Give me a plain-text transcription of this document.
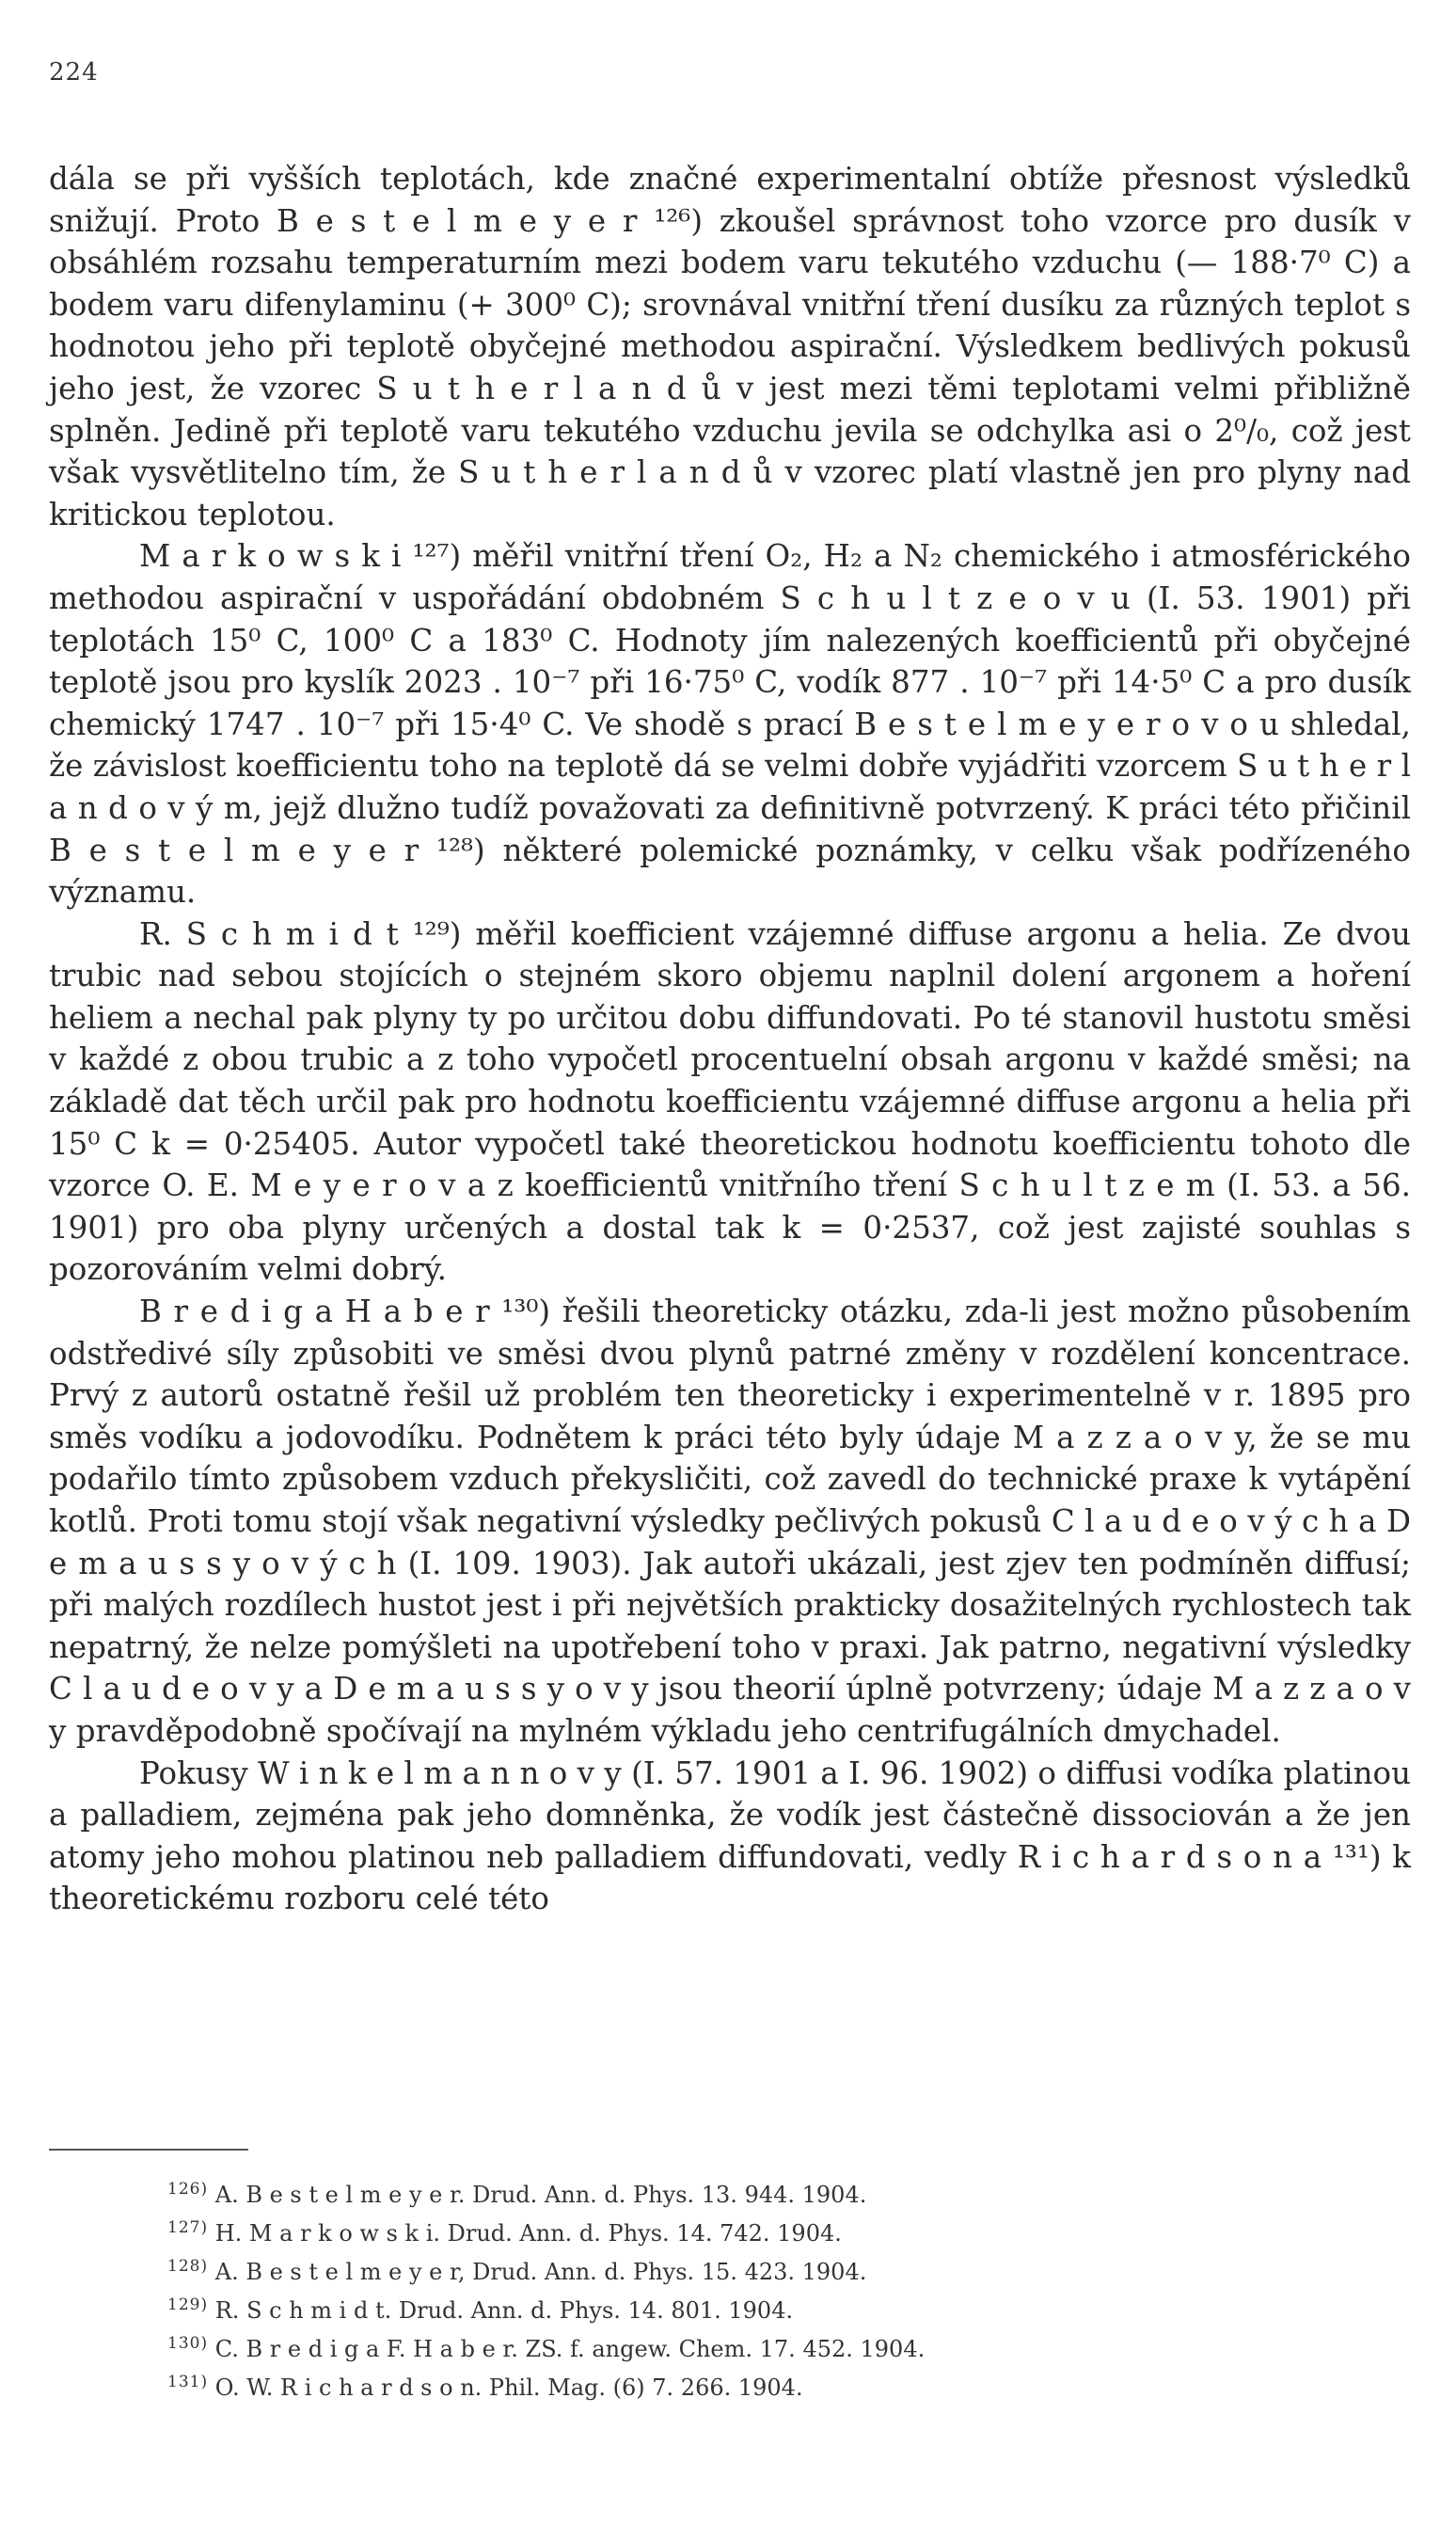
224

dála se při vyšších teplotách, kde značné experimentalní obtíže přesnost výsledků snižují. Proto B e s t e l m e y e r ¹²⁶) zkoušel správnost toho vzorce pro dusík v obsáhlém rozsahu temperaturním mezi bodem varu tekutého vzduchu (— 188·7⁰ C) a bodem varu difenylaminu (+ 300⁰ C); srovnával vnitřní tření dusíku za různých teplot s hodnotou jeho při teplotě obyčejné methodou aspirační. Výsledkem bedlivých pokusů jeho jest, že vzorec S u t h e r l a n d ů v jest mezi těmi teplotami velmi přibližně splněn. Jedině při teplotě varu tekutého vzduchu jevila se odchylka asi o 2⁰/₀, což jest však vysvětlitelno tím, že S u t h e r l a n d ů v vzorec platí vlastně jen pro plyny nad kritickou teplotou.

M a r k o w s k i ¹²⁷) měřil vnitřní tření O₂, H₂ a N₂ chemického i atmosférického methodou aspirační v uspořádání obdobném S c h u l t z e o v u (I. 53. 1901) při teplotách 15⁰ C, 100⁰ C a 183⁰ C. Hodnoty jím nalezených koefficientů při obyčejné teplotě jsou pro kyslík 2023 . 10⁻⁷ při 16·75⁰ C, vodík 877 . 10⁻⁷ při 14·5⁰ C a pro dusík chemický 1747 . 10⁻⁷ při 15·4⁰ C. Ve shodě s prací B e s t e l m e y e r o v o u shledal, že závislost koefficientu toho na teplotě dá se velmi dobře vyjádřiti vzorcem S u t h e r l a n d o v ý m, jejž dlužno tudíž považovati za definitivně potvrzený. K práci této přičinil B e s t e l m e y e r ¹²⁸) některé polemické poznámky, v celku však podřízeného významu.

R. S c h m i d t ¹²⁹) měřil koefficient vzájemné diffuse argonu a helia. Ze dvou trubic nad sebou stojících o stejném skoro objemu naplnil dolení argonem a hoření heliem a nechal pak plyny ty po určitou dobu diffundovati. Po té stanovil hustotu směsi v každé z obou trubic a z toho vypočetl procentuelní obsah argonu v každé směsi; na základě dat těch určil pak pro hodnotu koefficientu vzájemné diffuse argonu a helia při 15⁰ C k = 0·25405. Autor vypočetl také theoretickou hodnotu koefficientu tohoto dle vzorce O. E. M e y e r o v a z koefficientů vnitřního tření S c h u l t z e m (I. 53. a 56. 1901) pro oba plyny určených a dostal tak k = 0·2537, což jest zajisté souhlas s pozorováním velmi dobrý.

B r e d i g a H a b e r ¹³⁰) řešili theoreticky otázku, zda-li jest možno působením odstředivé síly způsobiti ve směsi dvou plynů patrné změny v rozdělení koncentrace. Prvý z autorů ostatně řešil už problém ten theoreticky i experimentelně v r. 1895 pro směs vodíku a jodovodíku. Podnětem k práci této byly údaje M a z z a o v y, že se mu podařilo tímto způsobem vzduch překysličiti, což zavedl do technické praxe k vytápění kotlů. Proti tomu stojí však negativní výsledky pečlivých pokusů C l a u d e o v ý c h a D e m a u s s y o v ý c h (I. 109. 1903). Jak autoři ukázali, jest zjev ten podmíněn diffusí; při malých rozdílech hustot jest i při největších prakticky dosažitelných rychlostech tak nepatrný, že nelze pomýšleti na upotřebení toho v praxi. Jak patrno, negativní výsledky C l a u d e o v y a D e m a u s s y o v y jsou theorií úplně potvrzeny; údaje M a z z a o v y pravděpodobně spočívají na mylném výkladu jeho centrifugálních dmychadel.

Pokusy W i n k e l m a n n o v y (I. 57. 1901 a I. 96. 1902) o diffusi vodíka platinou a palladiem, zejména pak jeho domněnka, že vodík jest částečně dissociován a že jen atomy jeho mohou platinou neb palladiem diffundovati, vedly R i c h a r d s o n a ¹³¹) k theoretickému rozboru celé této

$^{126)}$ A. B e s t e l m e y e r. Drud. Ann. d. Phys. 13. 944. 1904.
$^{127)}$ H. M a r k o w s k i. Drud. Ann. d. Phys. 14. 742. 1904.
$^{128)}$ A. B e s t e l m e y e r, Drud. Ann. d. Phys. 15. 423. 1904.
$^{129)}$ R. S c h m i d t. Drud. Ann. d. Phys. 14. 801. 1904.
$^{130)}$ C. B r e d i g a F. H a b e r. ZS. f. angew. Chem. 17. 452. 1904.
$^{131)}$ O. W. R i c h a r d s o n. Phil. Mag. (6) 7. 266. 1904.
